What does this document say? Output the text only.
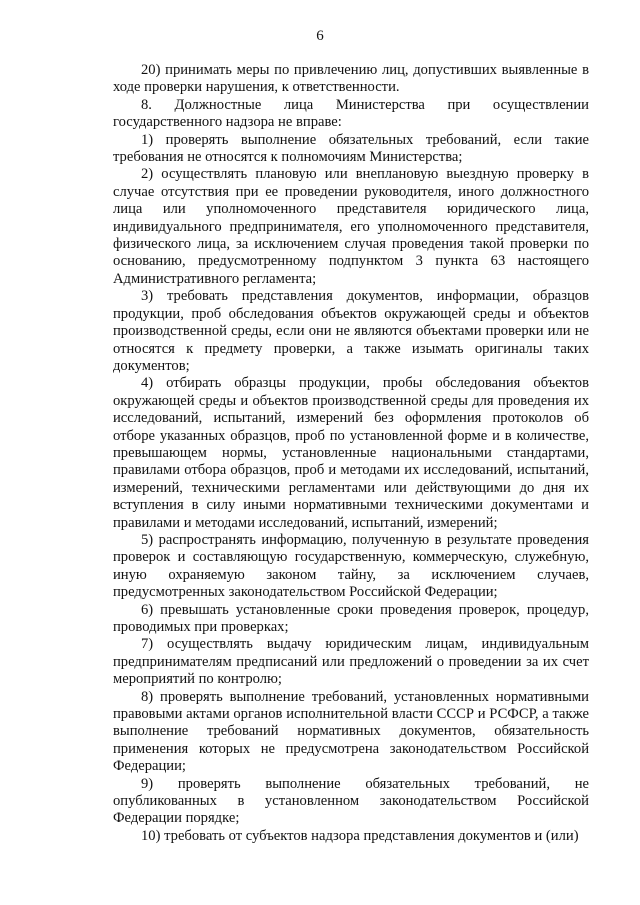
6

20) принимать меры по привлечению лиц, допустивших выявленные в ходе проверки нарушения, к ответственности.

8. Должностные лица Министерства при осуществлении государственного надзора не вправе:

1) проверять выполнение обязательных требований, если такие требования не относятся к полномочиям Министерства;

2) осуществлять плановую или внеплановую выездную проверку в случае отсутствия при ее проведении руководителя, иного должностного лица или уполномоченного представителя юридического лица, индивидуального предпринимателя, его уполномоченного представителя, физического лица, за исключением случая проведения такой проверки по основанию, предусмотренному подпунктом 3 пункта 63 настоящего Административного регламента;

3) требовать представления документов, информации, образцов продукции, проб обследования объектов окружающей среды и объектов производственной среды, если они не являются объектами проверки или не относятся к предмету проверки, а также изымать оригиналы таких документов;

4) отбирать образцы продукции, пробы обследования объектов окружающей среды и объектов производственной среды для проведения их исследований, испытаний, измерений без оформления протоколов об отборе указанных образцов, проб по установленной форме и в количестве, превышающем нормы, установленные национальными стандартами, правилами отбора образцов, проб и методами их исследований, испытаний, измерений, техническими регламентами или действующими до дня их вступления в силу иными нормативными техническими документами и правилами и методами исследований, испытаний, измерений;

5) распространять информацию, полученную в результате проведения проверок и составляющую государственную, коммерческую, служебную, иную охраняемую законом тайну, за исключением случаев, предусмотренных законодательством Российской Федерации;

6) превышать установленные сроки проведения проверок, процедур, проводимых при проверках;

7) осуществлять выдачу юридическим лицам, индивидуальным предпринимателям предписаний или предложений о проведении за их счет мероприятий по контролю;

8) проверять выполнение требований, установленных нормативными правовыми актами органов исполнительной власти СССР и РСФСР, а также выполнение требований нормативных документов, обязательность применения которых не предусмотрена законодательством Российской Федерации;

9) проверять выполнение обязательных требований, не опубликованных в установленном законодательством Российской Федерации порядке;

10) требовать от субъектов надзора представления документов и (или)
